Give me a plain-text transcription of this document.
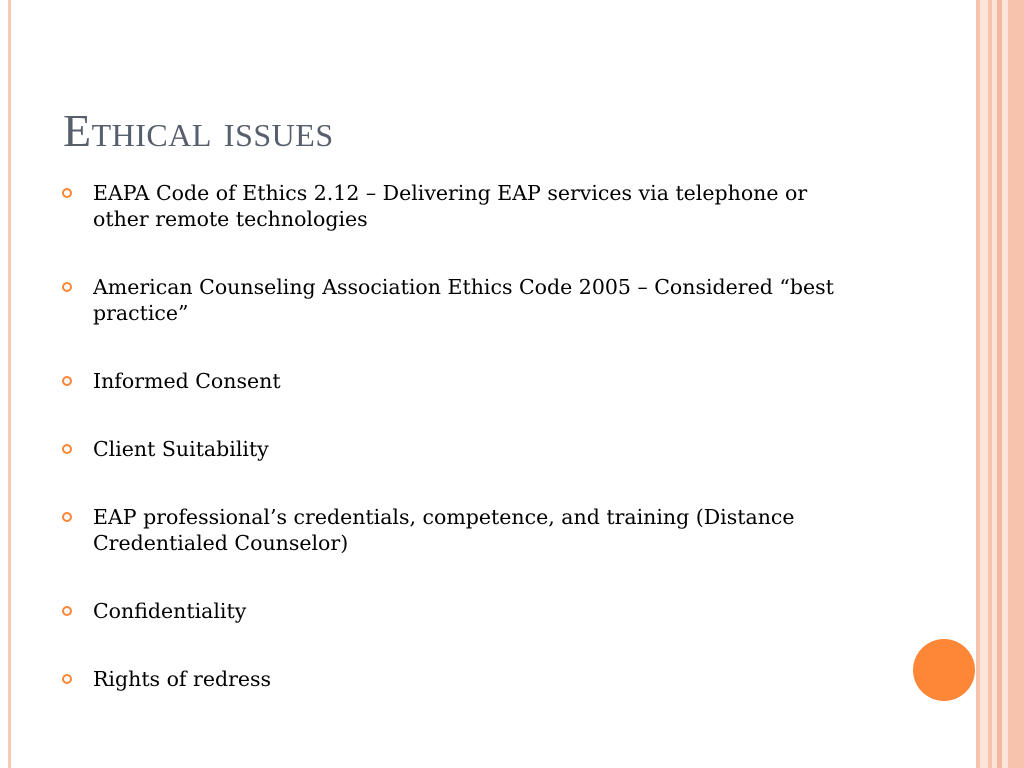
Ethical issues
EAPA Code of Ethics 2.12 – Delivering EAP services via telephone or other remote technologies
American Counseling Association Ethics Code 2005 – Considered “best practice”
Informed Consent
Client Suitability
EAP professional’s credentials, competence, and training (Distance Credentialed Counselor)
Confidentiality
Rights of redress
